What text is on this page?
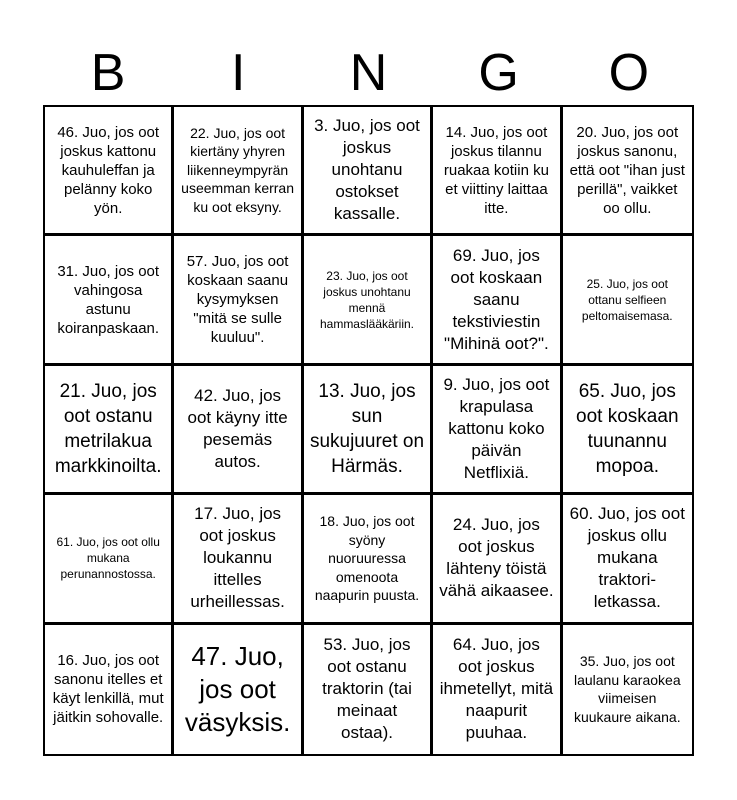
B	I	N	G	O
46. Juo, jos oot joskus kattonu kauhuleffan ja pelänny koko yön.
22. Juo, jos oot kiertäny yhyren liikenneympyrän useemman kerran ku oot eksyny.
3. Juo, jos oot joskus unohtanu ostokset kassalle.
14. Juo, jos oot joskus tilannu ruakaa kotiin ku et viittiny laittaa itte.
20. Juo, jos oot joskus sanonu, että oot "ihan just perillä", vaikket oo ollu.
31. Juo, jos oot vahingosa astunu koiranpaskaan.
57. Juo, jos oot koskaan saanu kysymyksen "mitä se sulle kuuluu".
23. Juo, jos oot joskus unohtanu mennä hammaslääkäriin.
69. Juo, jos oot koskaan saanu tekstiviestin "Mihinä oot?".
25. Juo, jos oot ottanu selfieen peltomaisemasa.
21. Juo, jos oot ostanu metrilakua markkinoilta.
42. Juo, jos oot käyny itte pesemäs autos.
13. Juo, jos sun sukujuuret on Härmäs.
9. Juo, jos oot krapulasa kattonu koko päivän Netflixiä.
65. Juo, jos oot koskaan tuunannu mopoa.
61. Juo, jos oot ollu mukana perunannostossa.
17. Juo, jos oot joskus loukannu ittelles urheillessas.
18. Juo, jos oot syöny nuoruuressa omenoota naapurin puusta.
24. Juo, jos oot joskus lähteny töistä vähä aikaasee.
60. Juo, jos oot joskus ollu mukana traktori-letkassa.
16. Juo, jos oot sanonu itelles et käyt lenkillä, mut jäitkin sohovalle.
47. Juo, jos oot väsyksis.
53. Juo, jos oot ostanu traktorin (tai meinaat ostaa).
64. Juo, jos oot joskus ihmetellyt, mitä naapurit puuhaa.
35. Juo, jos oot laulanu karaokea viimeisen kuukaure aikana.
